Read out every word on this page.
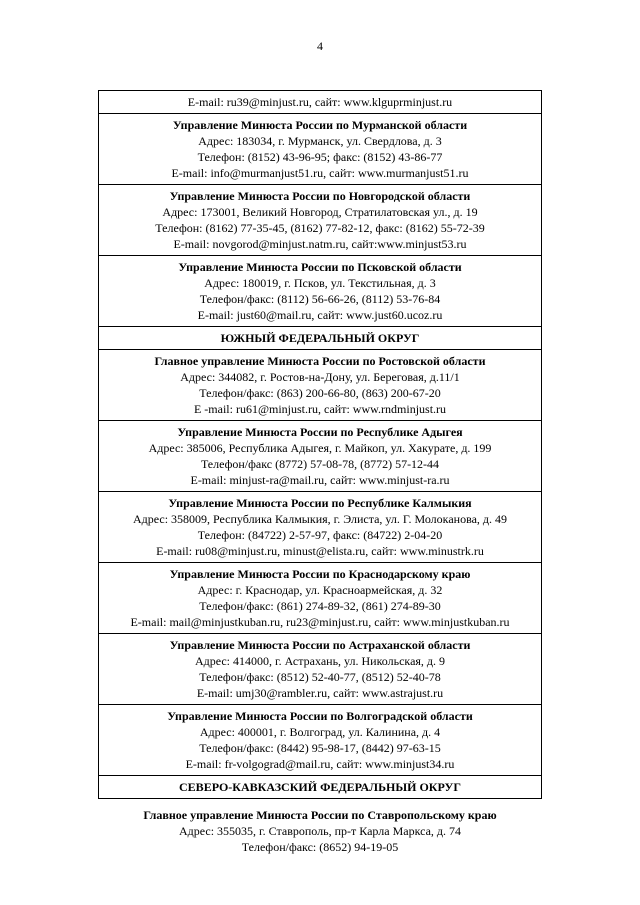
4
E-mail: ru39@minjust.ru, сайт: www.klguprminjust.ru
Управление Минюста России по Мурманской области
Адрес: 183034, г. Мурманск, ул. Свердлова, д. 3
Телефон: (8152) 43-96-95; факс: (8152) 43-86-77
E-mail: info@murmanjust51.ru, сайт: www.murmanjust51.ru
Управление Минюста России по Новгородской области
Адрес: 173001, Великий Новгород, Стратилатовская ул., д. 19
Телефон: (8162) 77-35-45, (8162) 77-82-12, факс: (8162) 55-72-39
E-mail: novgorod@minjust.natm.ru, сайт:www.minjust53.ru
Управление Минюста России по Псковской области
Адрес: 180019, г. Псков, ул. Текстильная, д. 3
Телефон/факс: (8112) 56-66-26, (8112) 53-76-84
E-mail: just60@mail.ru, сайт: www.just60.ucoz.ru
ЮЖНЫЙ ФЕДЕРАЛЬНЫЙ ОКРУГ
Главное управление Минюста России по Ростовской области
Адрес: 344082, г. Ростов-на-Дону, ул. Береговая, д.11/1
Телефон/факс: (863) 200-66-80, (863) 200-67-20
E -mail: ru61@minjust.ru, сайт: www.rndminjust.ru
Управление Минюста России по Республике Адыгея
Адрес: 385006, Республика Адыгея, г. Майкоп, ул. Хакурате, д. 199
Телефон/факс (8772) 57-08-78, (8772) 57-12-44
E-mail: minjust-ra@mail.ru, сайт: www.minjust-ra.ru
Управление Минюста России по Республике Калмыкия
Адрес: 358009, Республика Калмыкия, г. Элиста, ул. Г. Молоканова, д. 49
Телефон: (84722) 2-57-97, факс: (84722) 2-04-20
E-mail: ru08@minjust.ru, minust@elista.ru, сайт: www.minustrk.ru
Управление Минюста России по Краснодарскому краю
Адрес: г. Краснодар, ул. Красноармейская, д. 32
Телефон/факс: (861) 274-89-32, (861) 274-89-30
E-mail: mail@minjustkuban.ru, ru23@minjust.ru, сайт: www.minjustkuban.ru
Управление Минюста России по Астраханской области
Адрес: 414000, г. Астрахань, ул. Никольская, д. 9
Телефон/факс: (8512) 52-40-77, (8512) 52-40-78
E-mail: umj30@rambler.ru, сайт: www.astrajust.ru
Управление Минюста России по Волгоградской области
Адрес: 400001, г. Волгоград, ул. Калинина, д. 4
Телефон/факс: (8442) 95-98-17, (8442) 97-63-15
E-mail: fr-volgograd@mail.ru, сайт: www.minjust34.ru
СЕВЕРО-КАВКАЗСКИЙ ФЕДЕРАЛЬНЫЙ ОКРУГ
Главное управление Минюста России по Ставропольскому краю
Адрес: 355035, г. Ставрополь, пр-т Карла Маркса, д. 74
Телефон/факс: (8652) 94-19-05
